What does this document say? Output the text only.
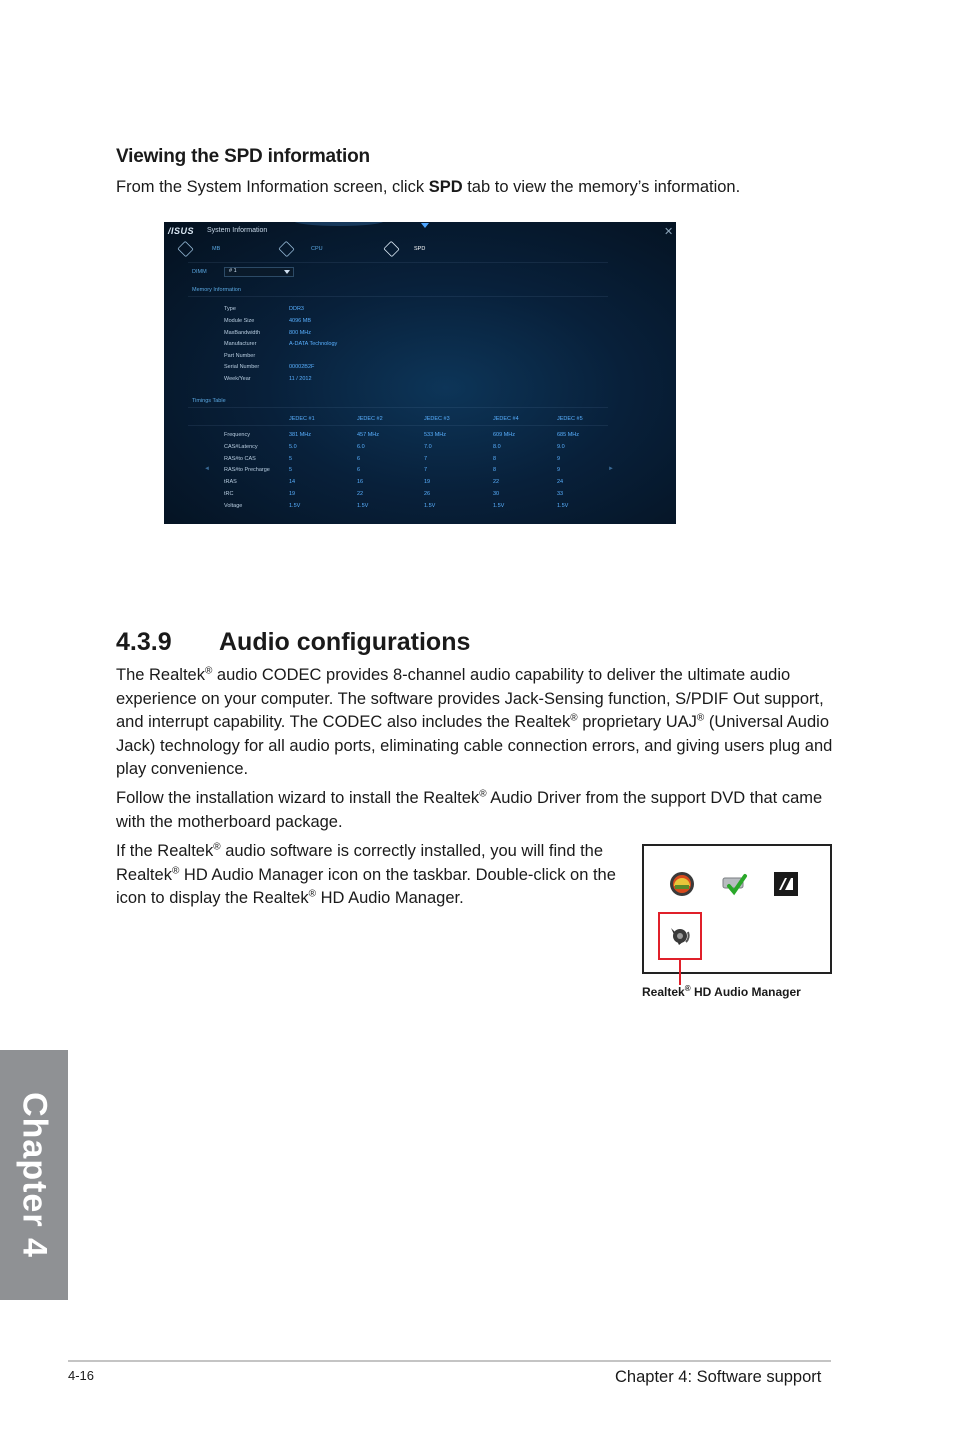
Viewing the SPD information
From the System Information screen, click SPD tab to view the memory’s information.
/ISUS System Information	✕
MB	CPU	SPD
DIMM	# 1
Memory Information
Type	DDR3
Module Size	4096 MB
MaxBandwidth	800 MHz
Manufacturer	A-DATA Technology
Part Number
Serial Number	00002B2F
Week/Year	11 / 2012
Timings Table
JEDEC #1	JEDEC #2	JEDEC #3	JEDEC #4	JEDEC #5
Frequency	381 MHz	457 MHz	533 MHz	609 MHz	685 MHz
CAS#Latency	5.0	6.0	7.0	8.0	9.0
RAS#to CAS	5	6	7	8	9
RAS#to Precharge	5	6	7	8	9
tRAS	14	16	19	22	24
tRC	19	22	26	30	33
Voltage	1.5V	1.5V	1.5V	1.5V	1.5V
◄	►
4.3.9 Audio configurations
The Realtek® audio CODEC provides 8-channel audio capability to deliver the ultimate audio experience on your computer. The software provides Jack-Sensing function, S/PDIF Out support, and interrupt capability. The CODEC also includes the Realtek® proprietary UAJ® (Universal Audio Jack) technology for all audio ports, eliminating cable connection errors, and giving users plug and play convenience.
Follow the installation wizard to install the Realtek® Audio Driver from the support DVD that came with the motherboard package.
If the Realtek® audio software is correctly installed, you will find the Realtek® HD Audio Manager icon on the taskbar. Double-click on the icon to display the Realtek® HD Audio Manager.
Realtek® HD Audio Manager
Chapter 4
4-16	Chapter 4: Software support
